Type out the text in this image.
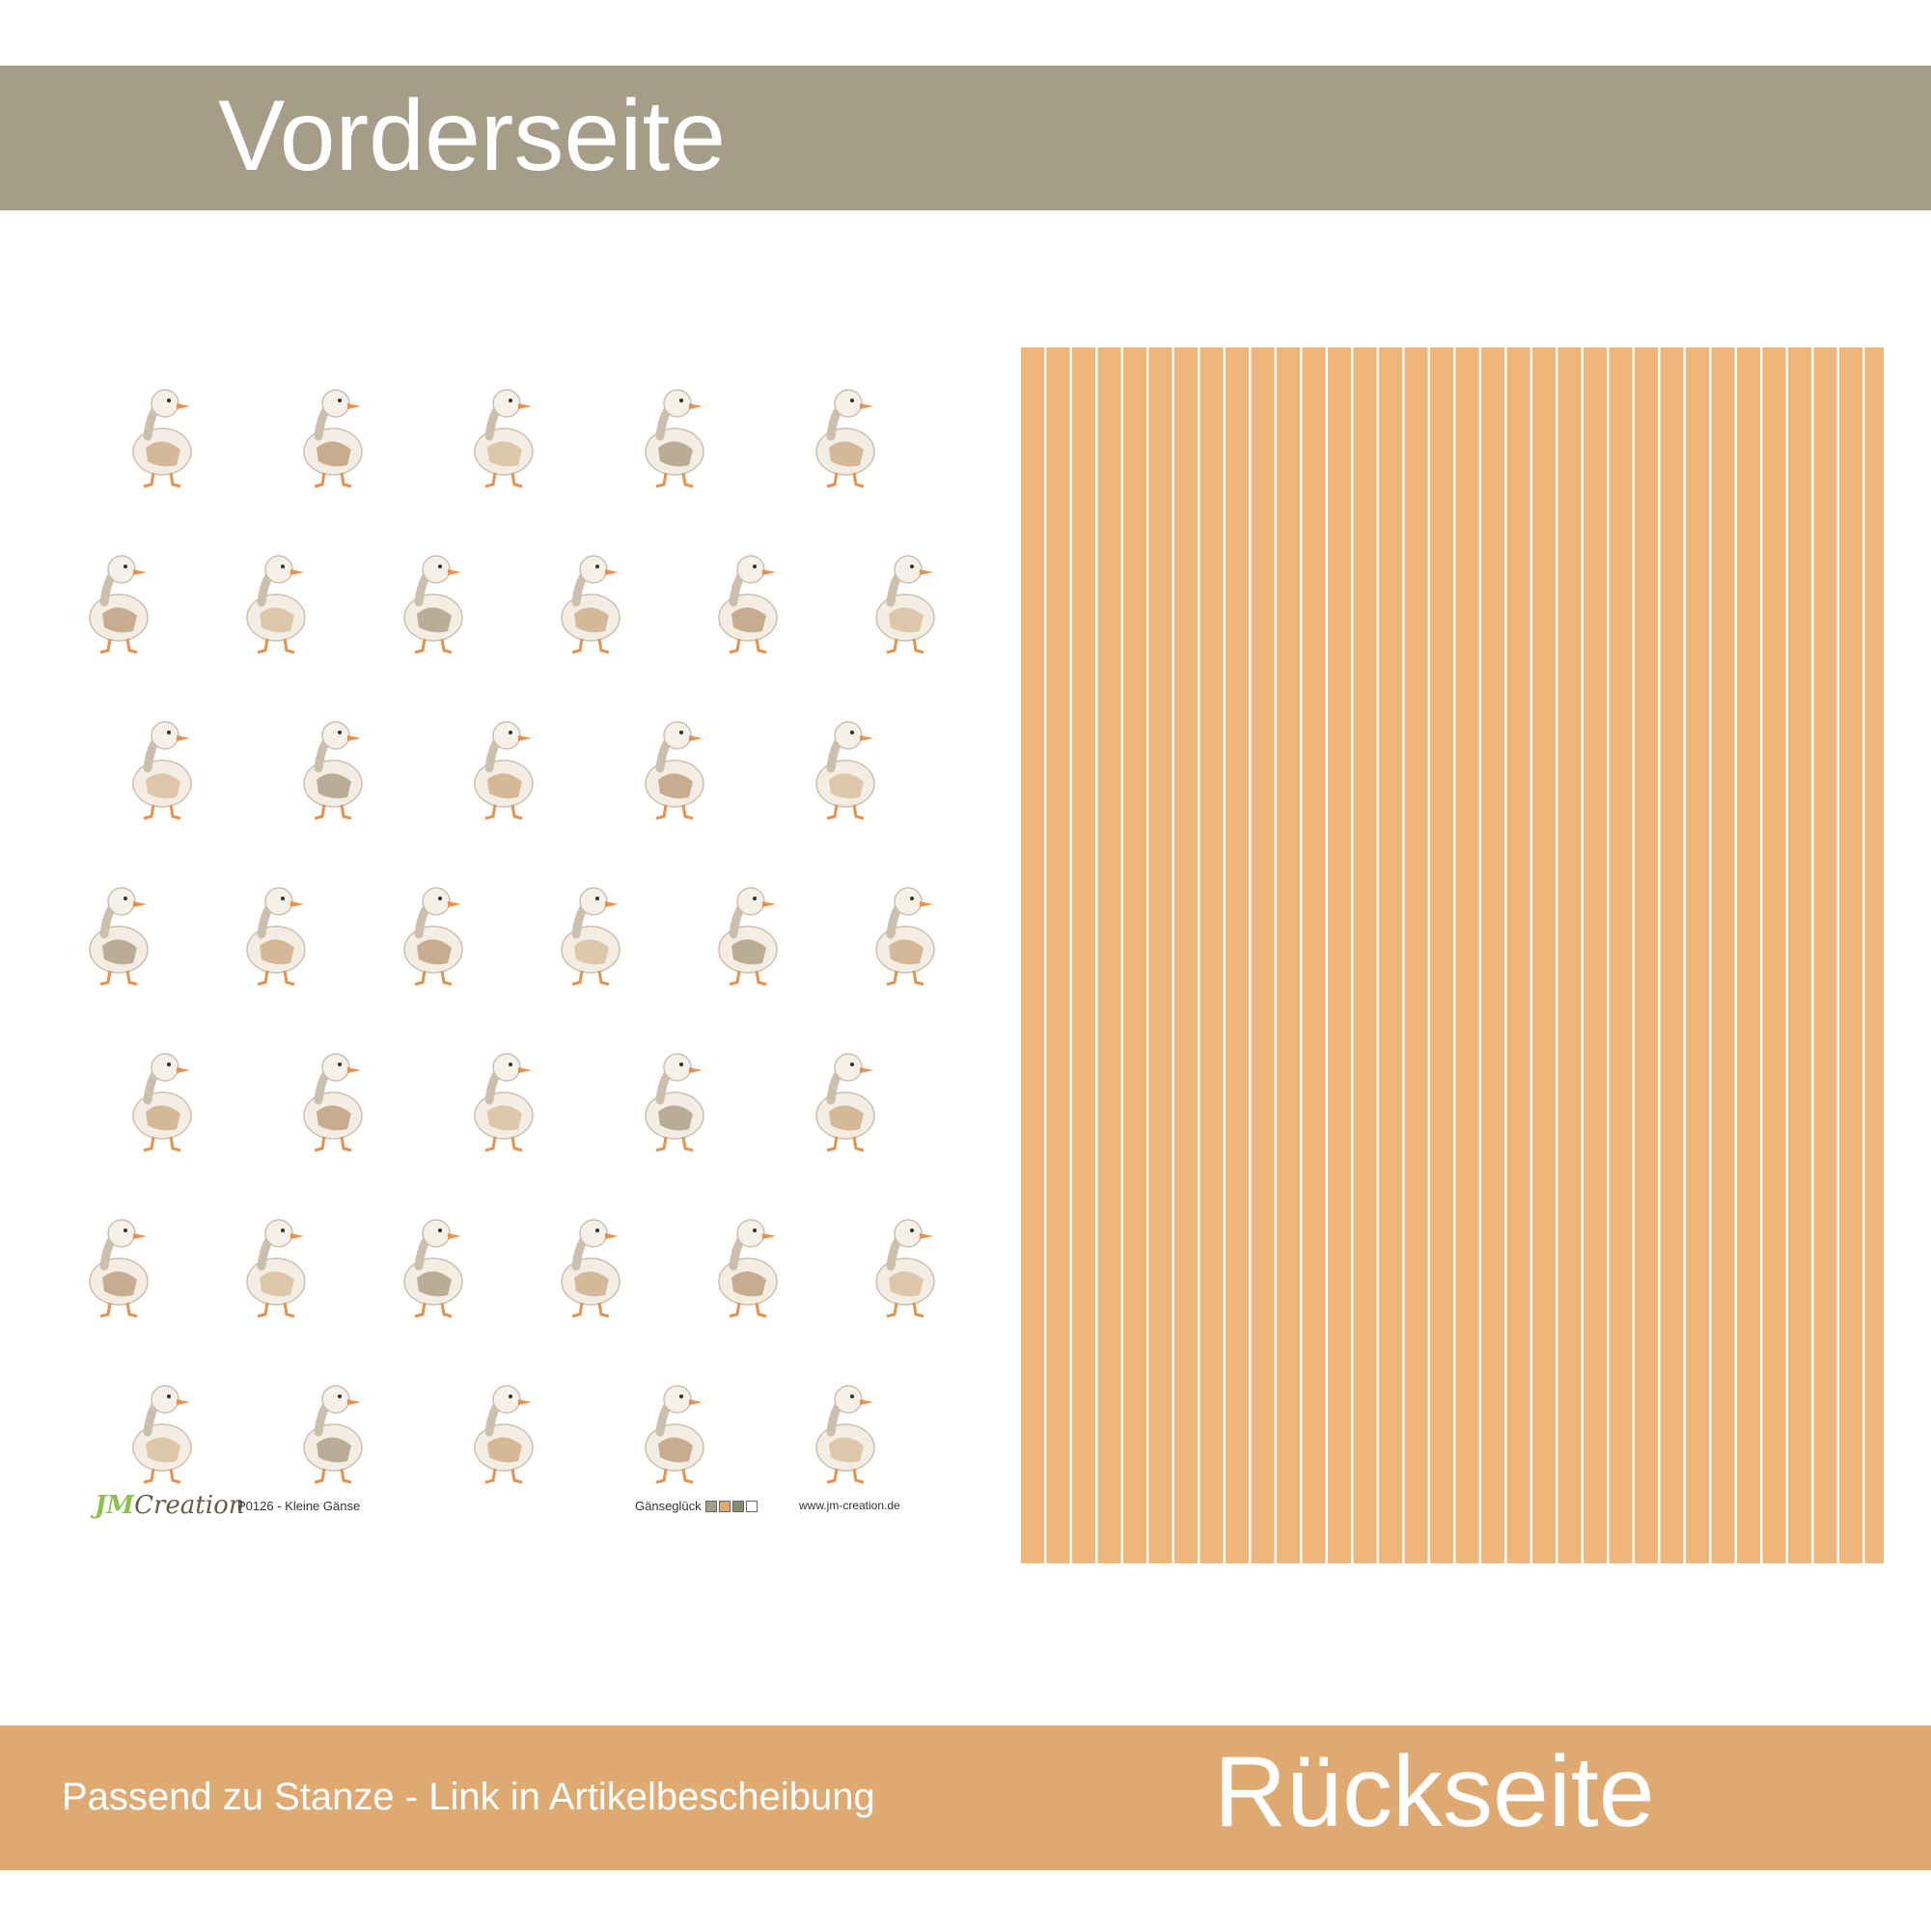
Vorderseite
JMCreation
P0126 - Kleine Gänse	Gänseglück	www.jm-creation.de
Passend zu Stanze - Link in Artikelbescheibung	Rückseite
